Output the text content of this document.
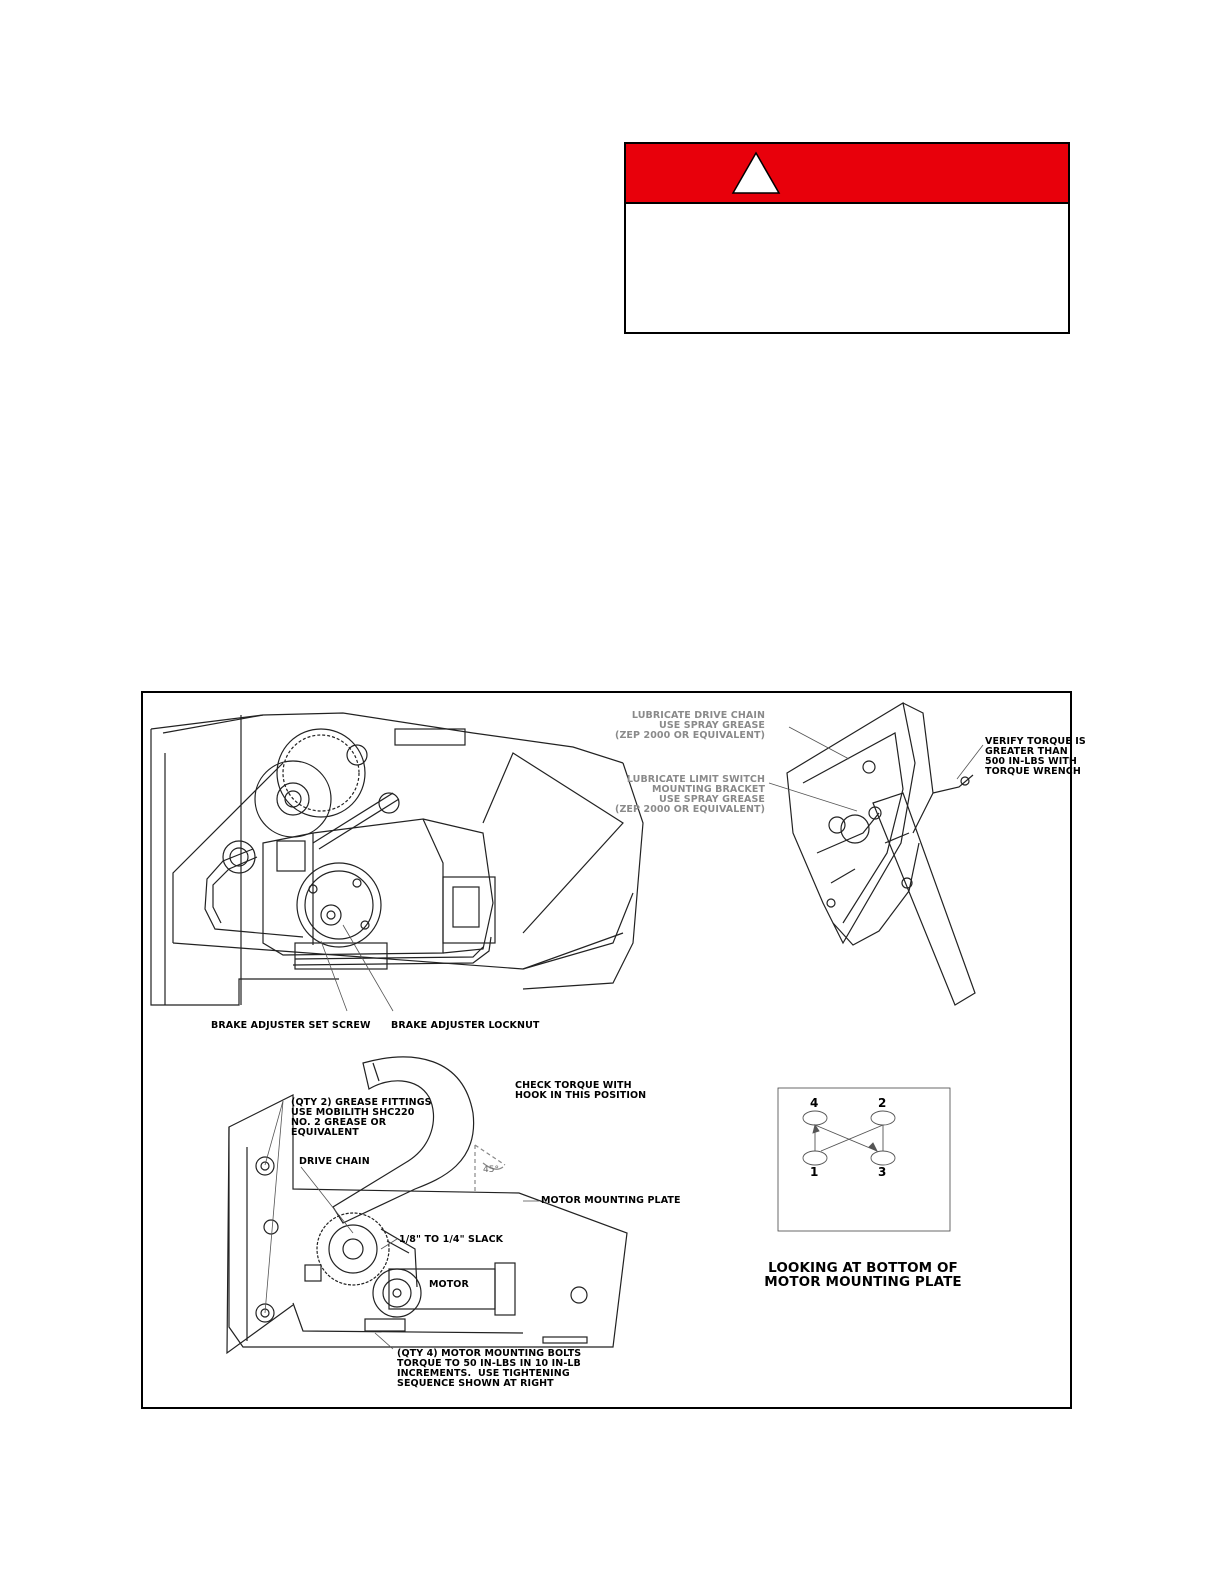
LUBRICATE DRIVE CHAIN
USE SPRAY GREASE
(ZEP 2000 OR EQUIVALENT)
LUBRICATE LIMIT SWITCH
MOUNTING BRACKET
USE SPRAY GREASE
(ZEP 2000 OR EQUIVALENT)
VERIFY TORQUE IS
GREATER THAN
500 IN-LBS WITH
TORQUE WRENCH
BRAKE ADJUSTER SET SCREW BRAKE ADJUSTER LOCKNUT
(QTY 2) GREASE FITTINGS
USE MOBILITH SHC220
NO. 2 GREASE OR
EQUIVALENT
CHECK TORQUE WITH
HOOK IN THIS POSITION
DRIVE CHAIN
45°
MOTOR MOUNTING PLATE
1/8" TO 1/4" SLACK
MOTOR
(QTY 4) MOTOR MOUNTING BOLTS
TORQUE TO 50 IN-LBS IN 10 IN-LB
INCREMENTS.  USE TIGHTENING
SEQUENCE SHOWN AT RIGHT
4	2
1	3
LOOKING AT BOTTOM OF
MOTOR MOUNTING PLATE
